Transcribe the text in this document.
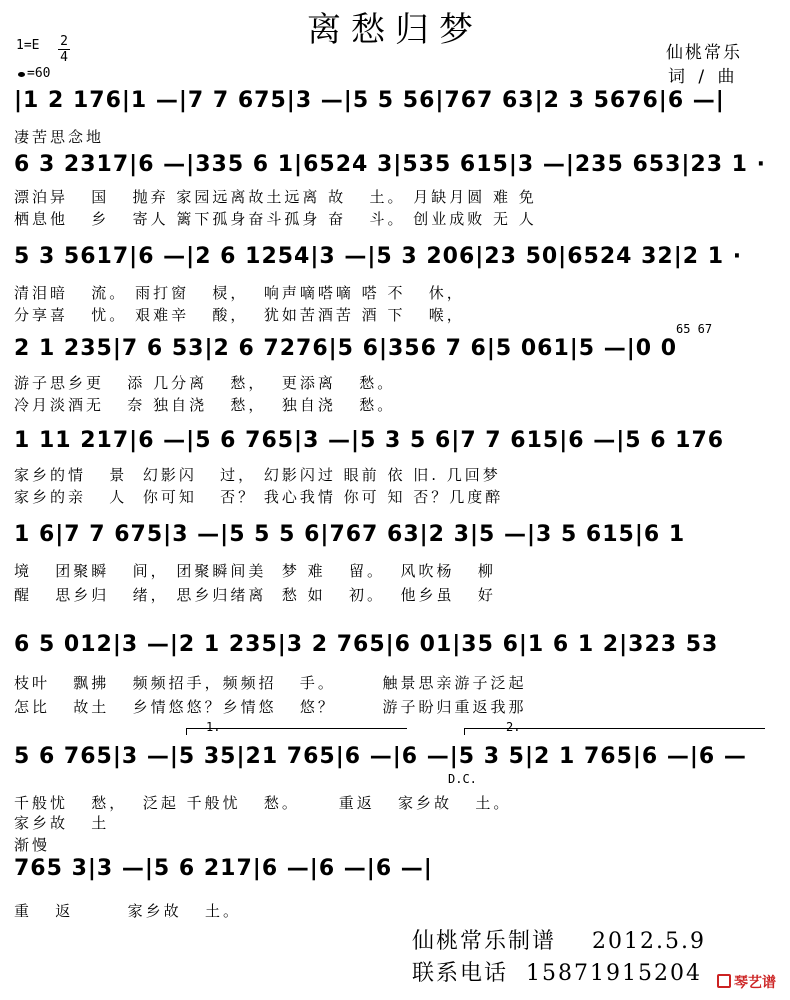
离愁归梦
1=E 2
4
=60
仙桃常乐
词 / 曲
|1 2 176|1 —|7 7 675|3 —|5 5 56|767 63|2 3 5676|6 —|
凄苦思念地
6 3 2317|6 —|335 6 1|6524 3|535 615|3 —|235 653|23 1 ·
漂泊异   国   抛弃 家园远离故土远离 故   土。 月缺月圆 难 免
栖息他   乡   寄人 篱下孤身奋斗孤身 奋   斗。 创业成败 无 人
5 3 5617|6 —|2 6 1254|3 —|5 3 206|23 50|6524 32|2 1 ·
清泪暗   流。 雨打窗   棂，  响声嘀嗒嘀 嗒 不   休，
分享喜   忧。 艰难辛   酸，  犹如苦酒苦 酒 下   喉，
65 67
2 1 235|7 6 53|2 6 7276|5 6|356 7 6|5 061|5 —|0 0
游子思乡更   添 几分离   愁，  更添离   愁。
冷月淡酒无   奈 独自浇   愁，  独自浇   愁。
1 11 217|6 —|5 6 765|3 —|5 3 5 6|7 7 615|6 —|5 6 176
家乡的情   景  幻影闪   过， 幻影闪过 眼前 依 旧. 几回梦
家乡的亲   人  你可知   否？ 我心我情 你可 知 否？几度醉
1 6|7 7 675|3 —|5 5 5 6|767 63|2 3|5 —|3 5 615|6 1
境   团聚瞬   间， 团聚瞬间美  梦 难   留。  风吹杨   柳
醒   思乡归   绪， 思乡归绪离  愁 如   初。  他乡虽   好
6 5 012|3 —|2 1 235|3 2 765|6 01|35 6|1 6 1 2|323 53
枝叶   飘拂   频频招手，频频招   手。      触景思亲游子泛起
怎比   故土   乡情悠悠？乡情悠   悠？      游子盼归重返我那
1.	2.
5 6 765|3 —|5 35|21 765|6 —|6 —|5 3 5|2 1 765|6 —|6 —
D.C.
千般忧   愁，  泛起 千般忧   愁。     重返   家乡故   土。
家乡故   土
渐慢
765 3|3 —|5 6 217|6 —|6 —|6 —|
重   返       家乡故   土。
仙桃常乐制谱 2012.5.9
联系电话 15871915204	琴艺谱
